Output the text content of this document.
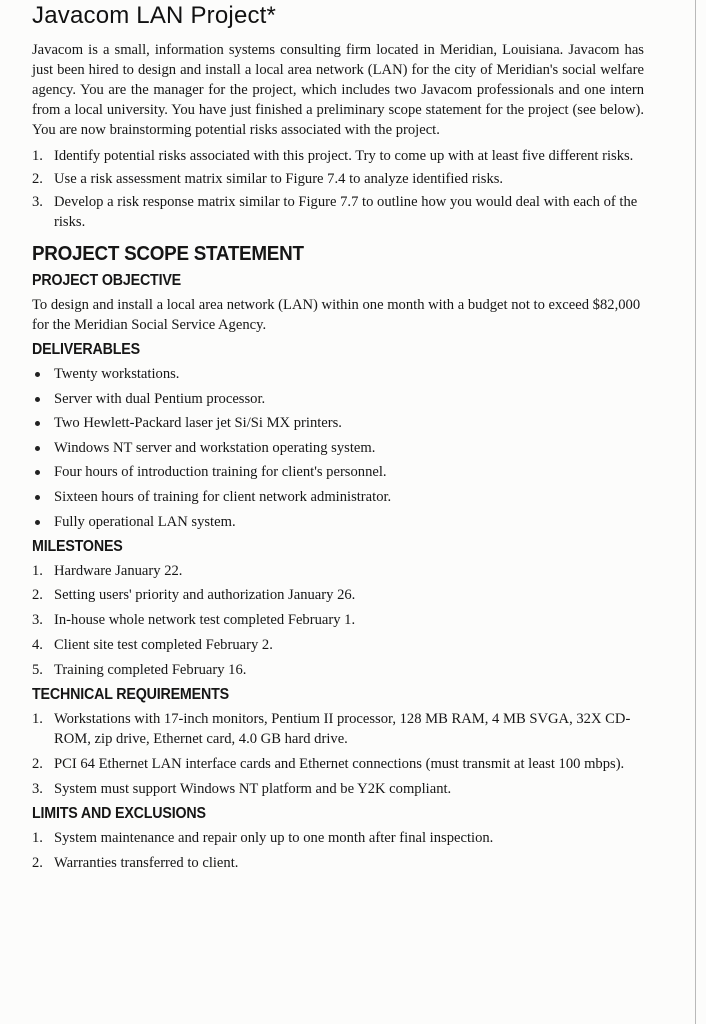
Javacom LAN Project*

Javacom is a small, information systems consulting firm located in Meridian, Louisiana. Javacom has just been hired to design and install a local area network (LAN) for the city of Meridian's social welfare agency. You are the manager for the project, which includes two Javacom professionals and one intern from a local university. You have just finished a preliminary scope statement for the project (see below). You are now brainstorming potential risks associated with the project.

1. Identify potential risks associated with this project. Try to come up with at least five different risks.
2. Use a risk assessment matrix similar to Figure 7.4 to analyze identified risks.
3. Develop a risk response matrix similar to Figure 7.7 to outline how you would deal with each of the risks.
PROJECT SCOPE STATEMENT
PROJECT OBJECTIVE

To design and install a local area network (LAN) within one month with a budget not to exceed $82,000 for the Meridian Social Service Agency.

DELIVERABLES
Twenty workstations.
Server with dual Pentium processor.
Two Hewlett-Packard laser jet Si/Si MX printers.
Windows NT server and workstation operating system.
Four hours of introduction training for client's personnel.
Sixteen hours of training for client network administrator.
Fully operational LAN system.
MILESTONES
1. Hardware January 22.
2. Setting users' priority and authorization January 26.
3. In-house whole network test completed February 1.
4. Client site test completed February 2.
5. Training completed February 16.
TECHNICAL REQUIREMENTS
1. Workstations with 17-inch monitors, Pentium II processor, 128 MB RAM, 4 MB SVGA, 32X CD-ROM, zip drive, Ethernet card, 4.0 GB hard drive.
2. PCI 64 Ethernet LAN interface cards and Ethernet connections (must transmit at least 100 mbps).
3. System must support Windows NT platform and be Y2K compliant.
LIMITS AND EXCLUSIONS
1. System maintenance and repair only up to one month after final inspection.
2. Warranties transferred to client.
